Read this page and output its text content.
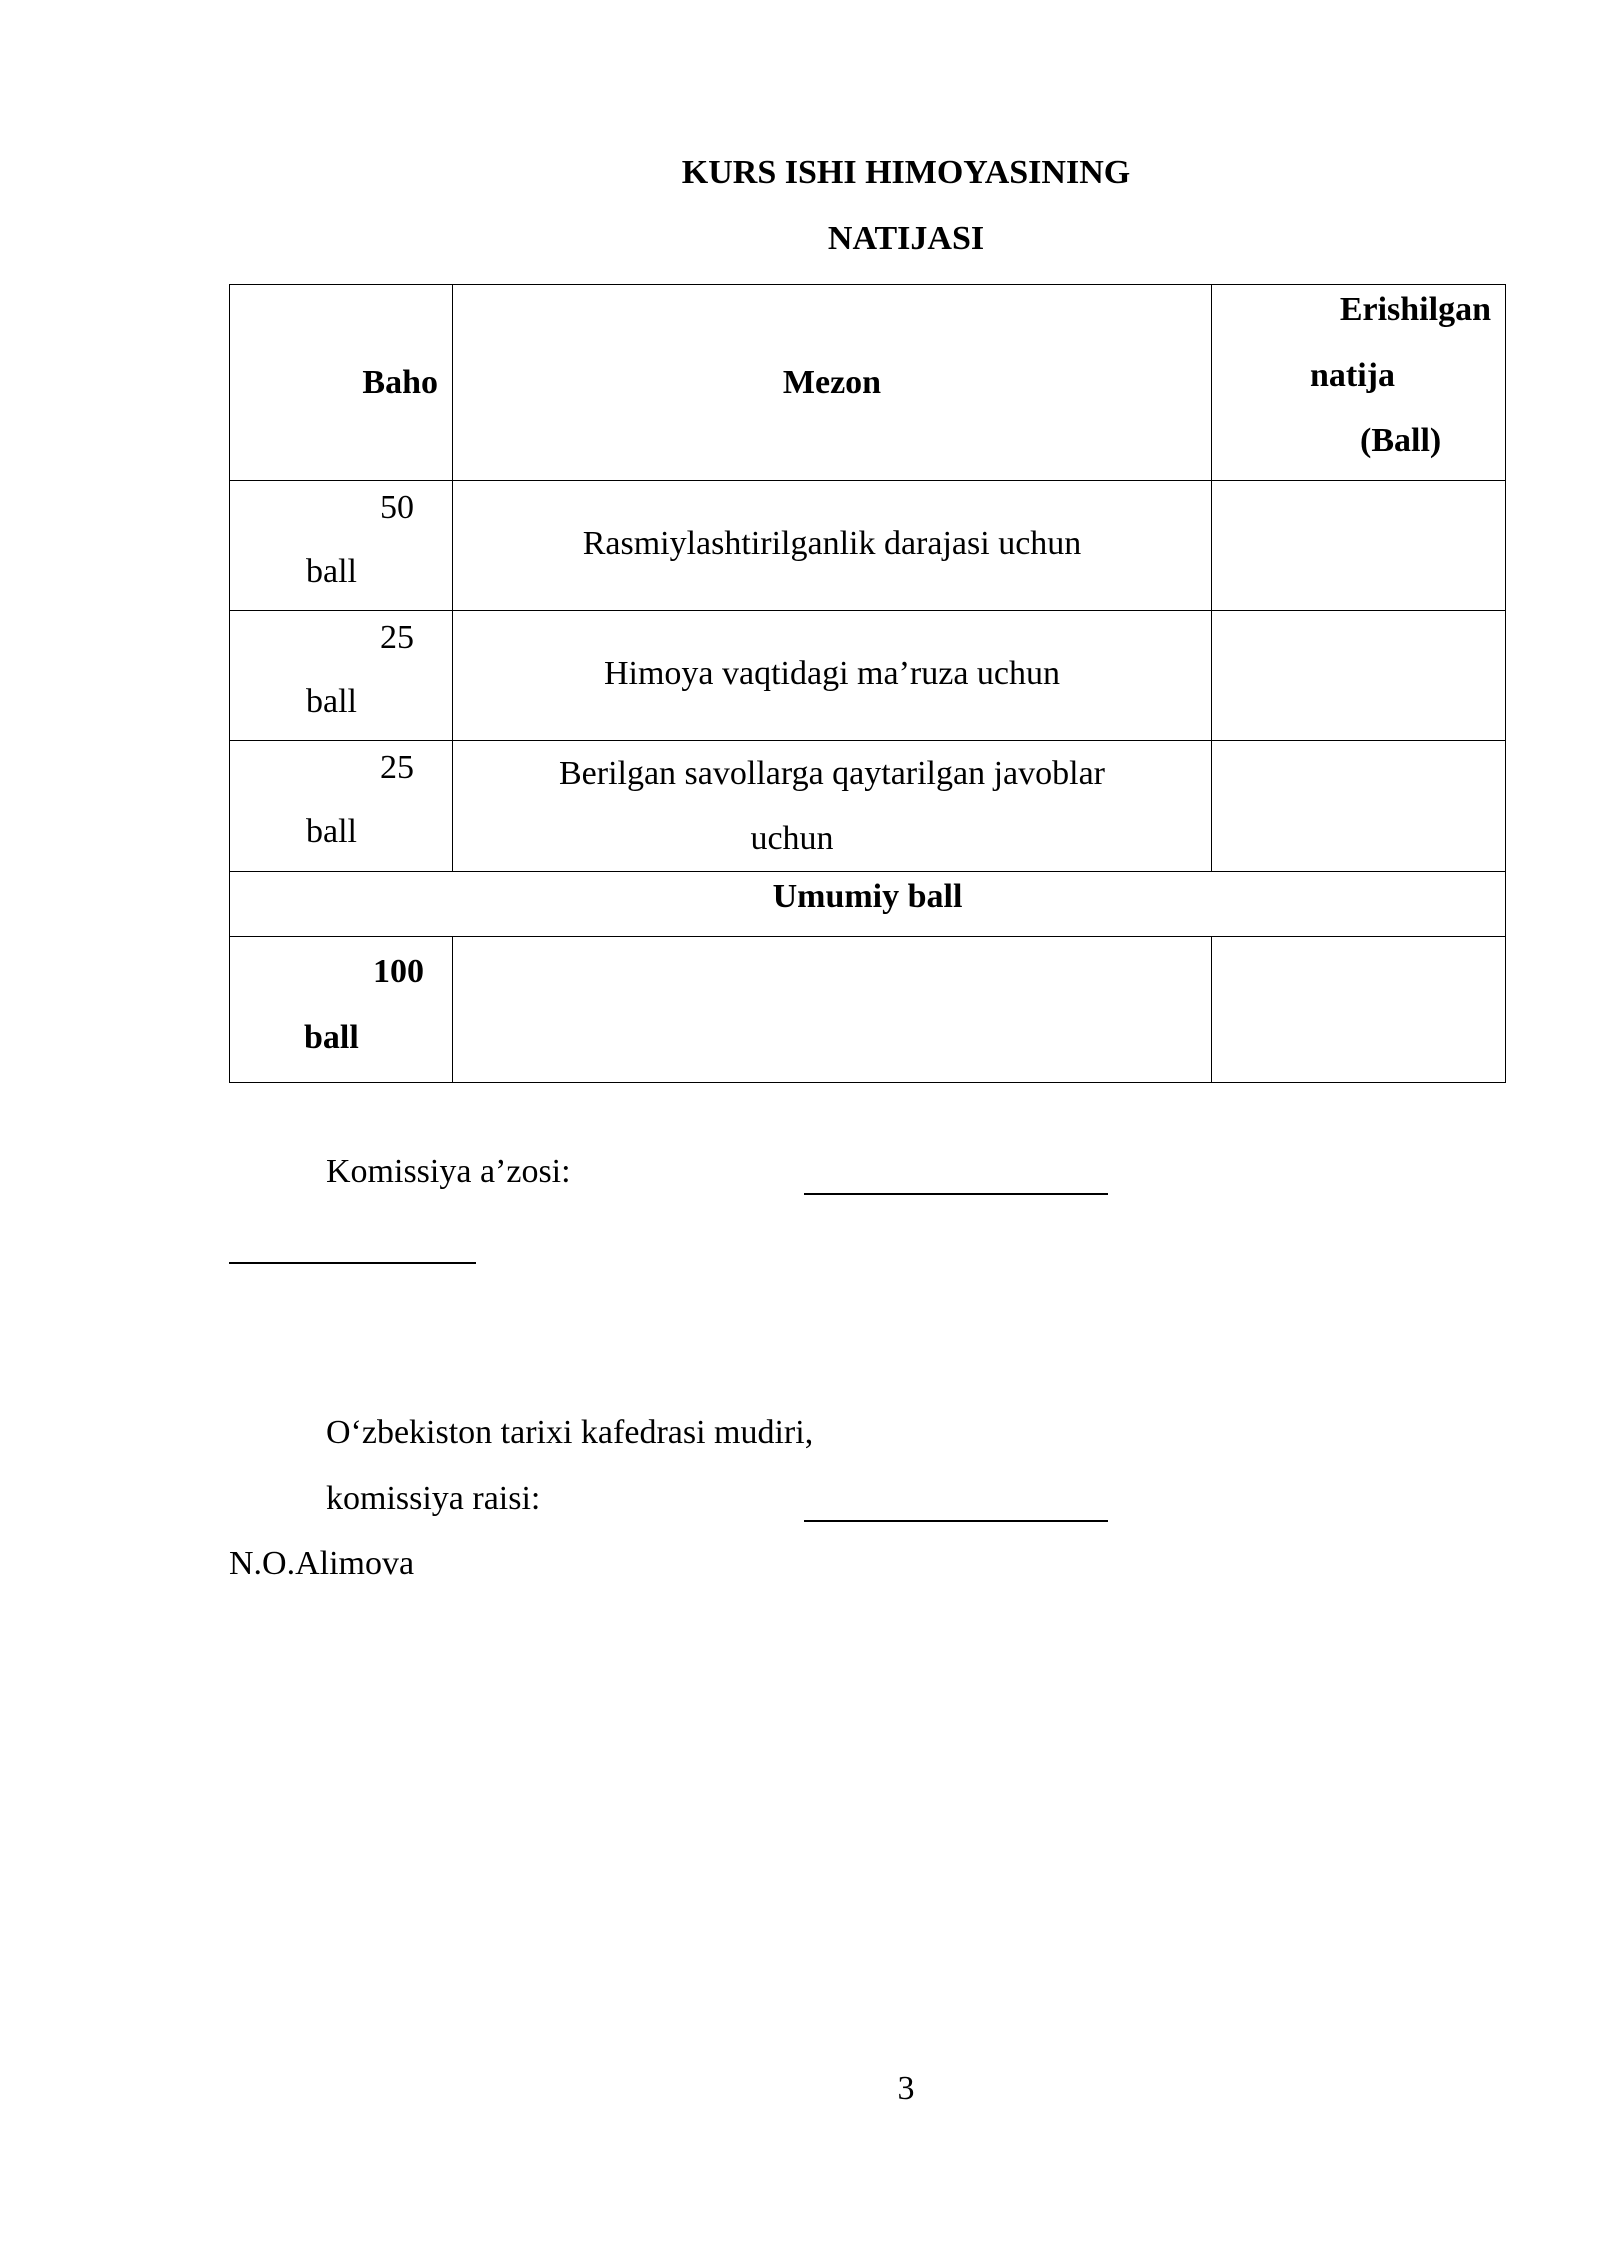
KURS ISHI HIMOYASINING
NATIJASI
Baho	Mezon	Erishilgan
natija
(Ball)

50
ball	Rasmiylashtirilganlik darajasi uchun	

25
ball	Himoya vaqtidagi ma’ruza uchun	

25
ball	Berilgan savollarga qaytarilgan javoblar
uchun	

Umumiy ball		

100
ball		

Komissiya a’zosi:
O‘zbekiston tarixi kafedrasi mudiri,
komissiya raisi:
N.O.Alimova
3
